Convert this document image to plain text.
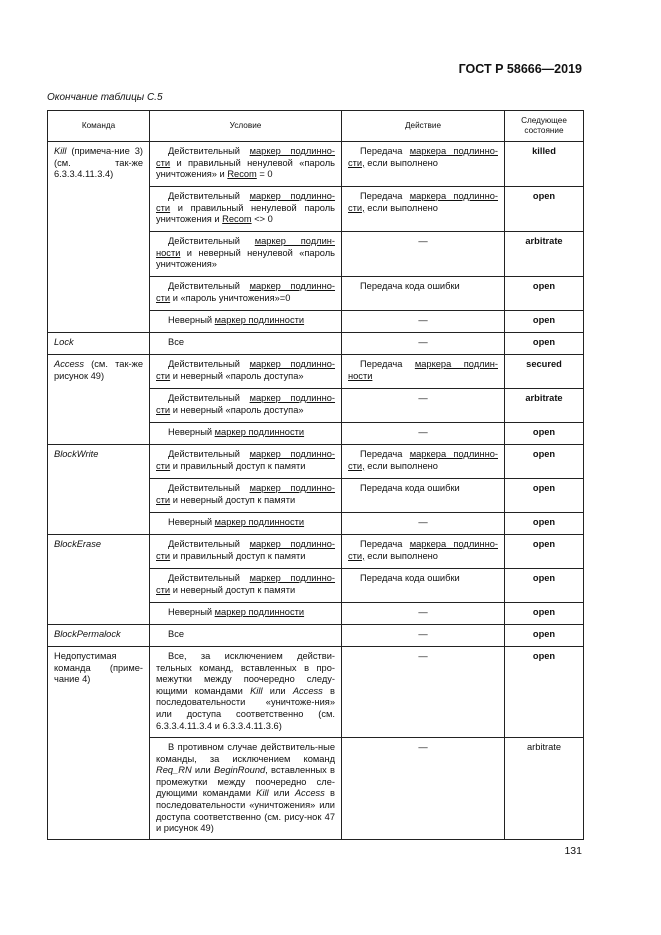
ГОСТ Р 58666—2019
Окончание таблицы С.5
Команда	Условие	Действие	Следующее состояние
Kill (примеча-ние 3) (см. так-же 6.3.3.4.11.3.4)	Действительный маркер подлинно-сти и правильный ненулевой «пароль уничтожения» и Recom = 0	Передача маркера подлинно-сти, если выполнено	killed
	Действительный маркер подлинно-сти и правильный ненулевой пароль уничтожения и Recom <> 0	Передача маркера подлинно-сти, если выполнено	open
	Действительный маркер подлин-ности и неверный ненулевой «пароль уничтожения»	—	arbitrate
	Действительный маркер подлинно-сти и «пароль уничтожения»=0	Передача кода ошибки	open
	Неверный маркер подлинности	—	open
Lock	Все	—	open
Access (см. так-же рисунок 49)	Действительный маркер подлинно-сти и неверный «пароль доступа»	Передача маркера подлин-ности	secured
	Действительный маркер подлинно-сти и неверный «пароль доступа»	—	arbitrate
	Неверный маркер подлинности	—	open
BlockWrite	Действительный маркер подлинно-сти и правильный доступ к памяти	Передача маркера подлинно-сти, если выполнено	open
	Действительный маркер подлинно-сти и неверный доступ к памяти	Передача кода ошибки	open
	Неверный маркер подлинности	—	open
BlockErase	Действительный маркер подлинно-сти и правильный доступ к памяти	Передача маркера подлинно-сти, если выполнено	open
	Действительный маркер подлинно-сти и неверный доступ к памяти	Передача кода ошибки	open
	Неверный маркер подлинности	—	open
BlockPermalock	Все	—	open
Недопустимая команда (приме-чание 4)	Все, за исключением действи-тельных команд, вставленных в про-межутки между поочередно следу-ющими командами Kill или Access в последовательности «уничтоже-ния» или доступа соответственно (см. 6.3.3.4.11.3.4 и 6.3.3.4.11.3.6)	—	open
	В противном случае действитель-ные команды, за исключением команд Req_RN или BeginRound, вставленных в промежутки между поочередно сле-дующими командами Kill или Access в последовательности «уничтожения» или доступа соответственно (см. рису-нок 47 и рисунок 49)	—	arbitrate
131
